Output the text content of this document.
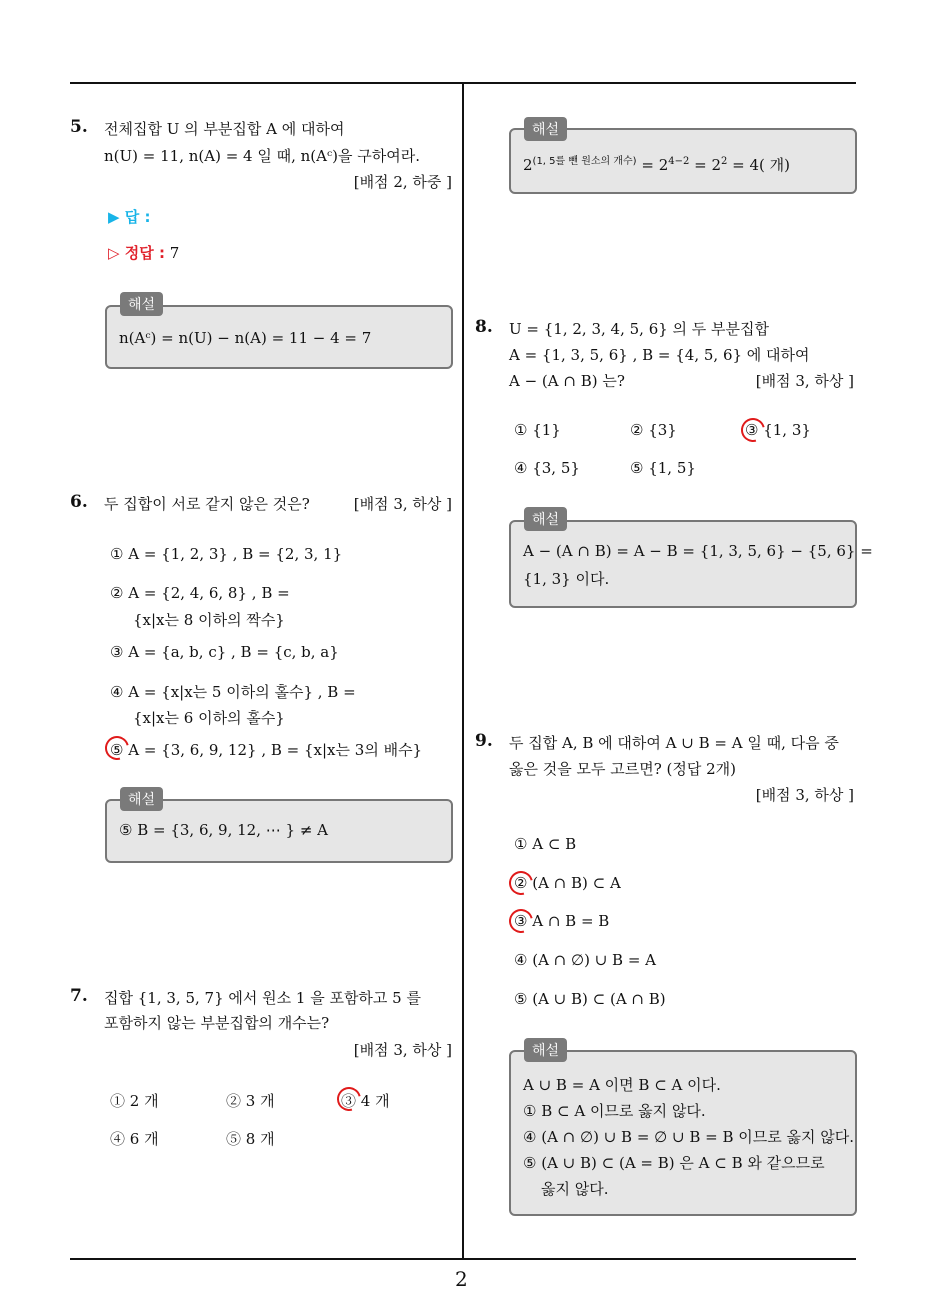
5. 전체집합 U 의 부분집합 A 에 대하여
n(U) = 11, n(A) = 4 일 때, n(Aᶜ)을 구하여라.
[배점 2, 하중 ]
▶ 답 :
▷ 정답 : 7
n(Aᶜ) = n(U) − n(A) = 11 − 4 = 7
해설
6. 두 집합이 서로 같지 않은 것은?	[배점 3, 하상 ]
① A = {1, 2, 3} , B = {2, 3, 1}
② A = {2, 4, 6, 8} , B =
{x|x는 8 이하의 짝수}
③ A = {a, b, c} , B = {c, b, a}
④ A = {x|x는 5 이하의 홀수} , B =
{x|x는 6 이하의 홀수}
⑤ A = {3, 6, 9, 12} , B = {x|x는 3의 배수}
⑤ B = {3, 6, 9, 12, ⋯ } ≠ A
해설
7. 집합 {1, 3, 5, 7} 에서 원소 1 을 포함하고 5 를
포함하지 않는 부분집합의 개수는?
[배점 3, 하상 ]
① 2 개	② 3 개	③ 4 개
④ 6 개	⑤ 8 개
$2^{(1, 5를 뺀 원소의 개수)} = 2^{4-2} = 2^2 = 4$( 개)
해설
8. U = {1, 2, 3, 4, 5, 6} 의 두 부분집합
A = {1, 3, 5, 6} , B = {4, 5, 6} 에 대하여
A − (A ∩ B) 는?	[배점 3, 하상 ]
① {1}	② {3}	③ {1, 3}
④ {3, 5}	⑤ {1, 5}
A − (A ∩ B) = A − B = {1, 3, 5, 6} − {5, 6} =
{1, 3} 이다.
해설
9. 두 집합 A, B 에 대하여 A ∪ B = A 일 때, 다음 중
옳은 것을 모두 고르면? (정답 2개)
[배점 3, 하상 ]
① A ⊂ B
② (A ∩ B) ⊂ A
③ A ∩ B = B
④ (A ∩ ∅) ∪ B = A
⑤ (A ∪ B) ⊂ (A ∩ B)
A ∪ B = A 이면 B ⊂ A 이다.
① B ⊂ A 이므로 옳지 않다.
④ (A ∩ ∅) ∪ B = ∅ ∪ B = B 이므로 옳지 않다.
⑤ (A ∪ B) ⊂ (A = B) 은 A ⊂ B 와 같으므로
옳지 않다.
해설
2
